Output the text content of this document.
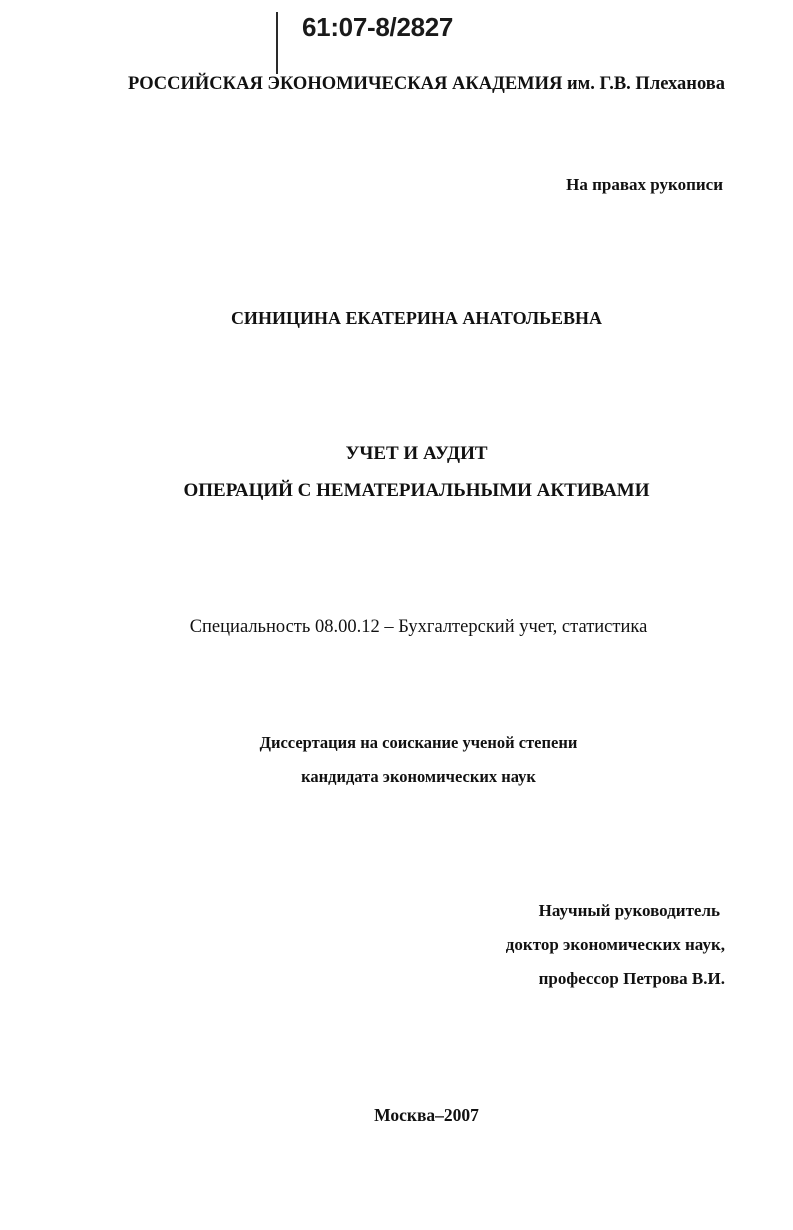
61:07-8/2827
РОССИЙСКАЯ ЭКОНОМИЧЕСКАЯ АКАДЕМИЯ им. Г.В. Плеханова
На правах рукописи
СИНИЦИНА ЕКАТЕРИНА АНАТОЛЬЕВНА
УЧЕТ И АУДИТ
ОПЕРАЦИЙ С НЕМАТЕРИАЛЬНЫМИ АКТИВАМИ
Специальность 08.00.12 – Бухгалтерский учет, статистика
Диссертация на соискание ученой степени
кандидата экономических наук
Научный руководитель
доктор экономических наук,
профессор Петрова В.И.
Москва–2007
